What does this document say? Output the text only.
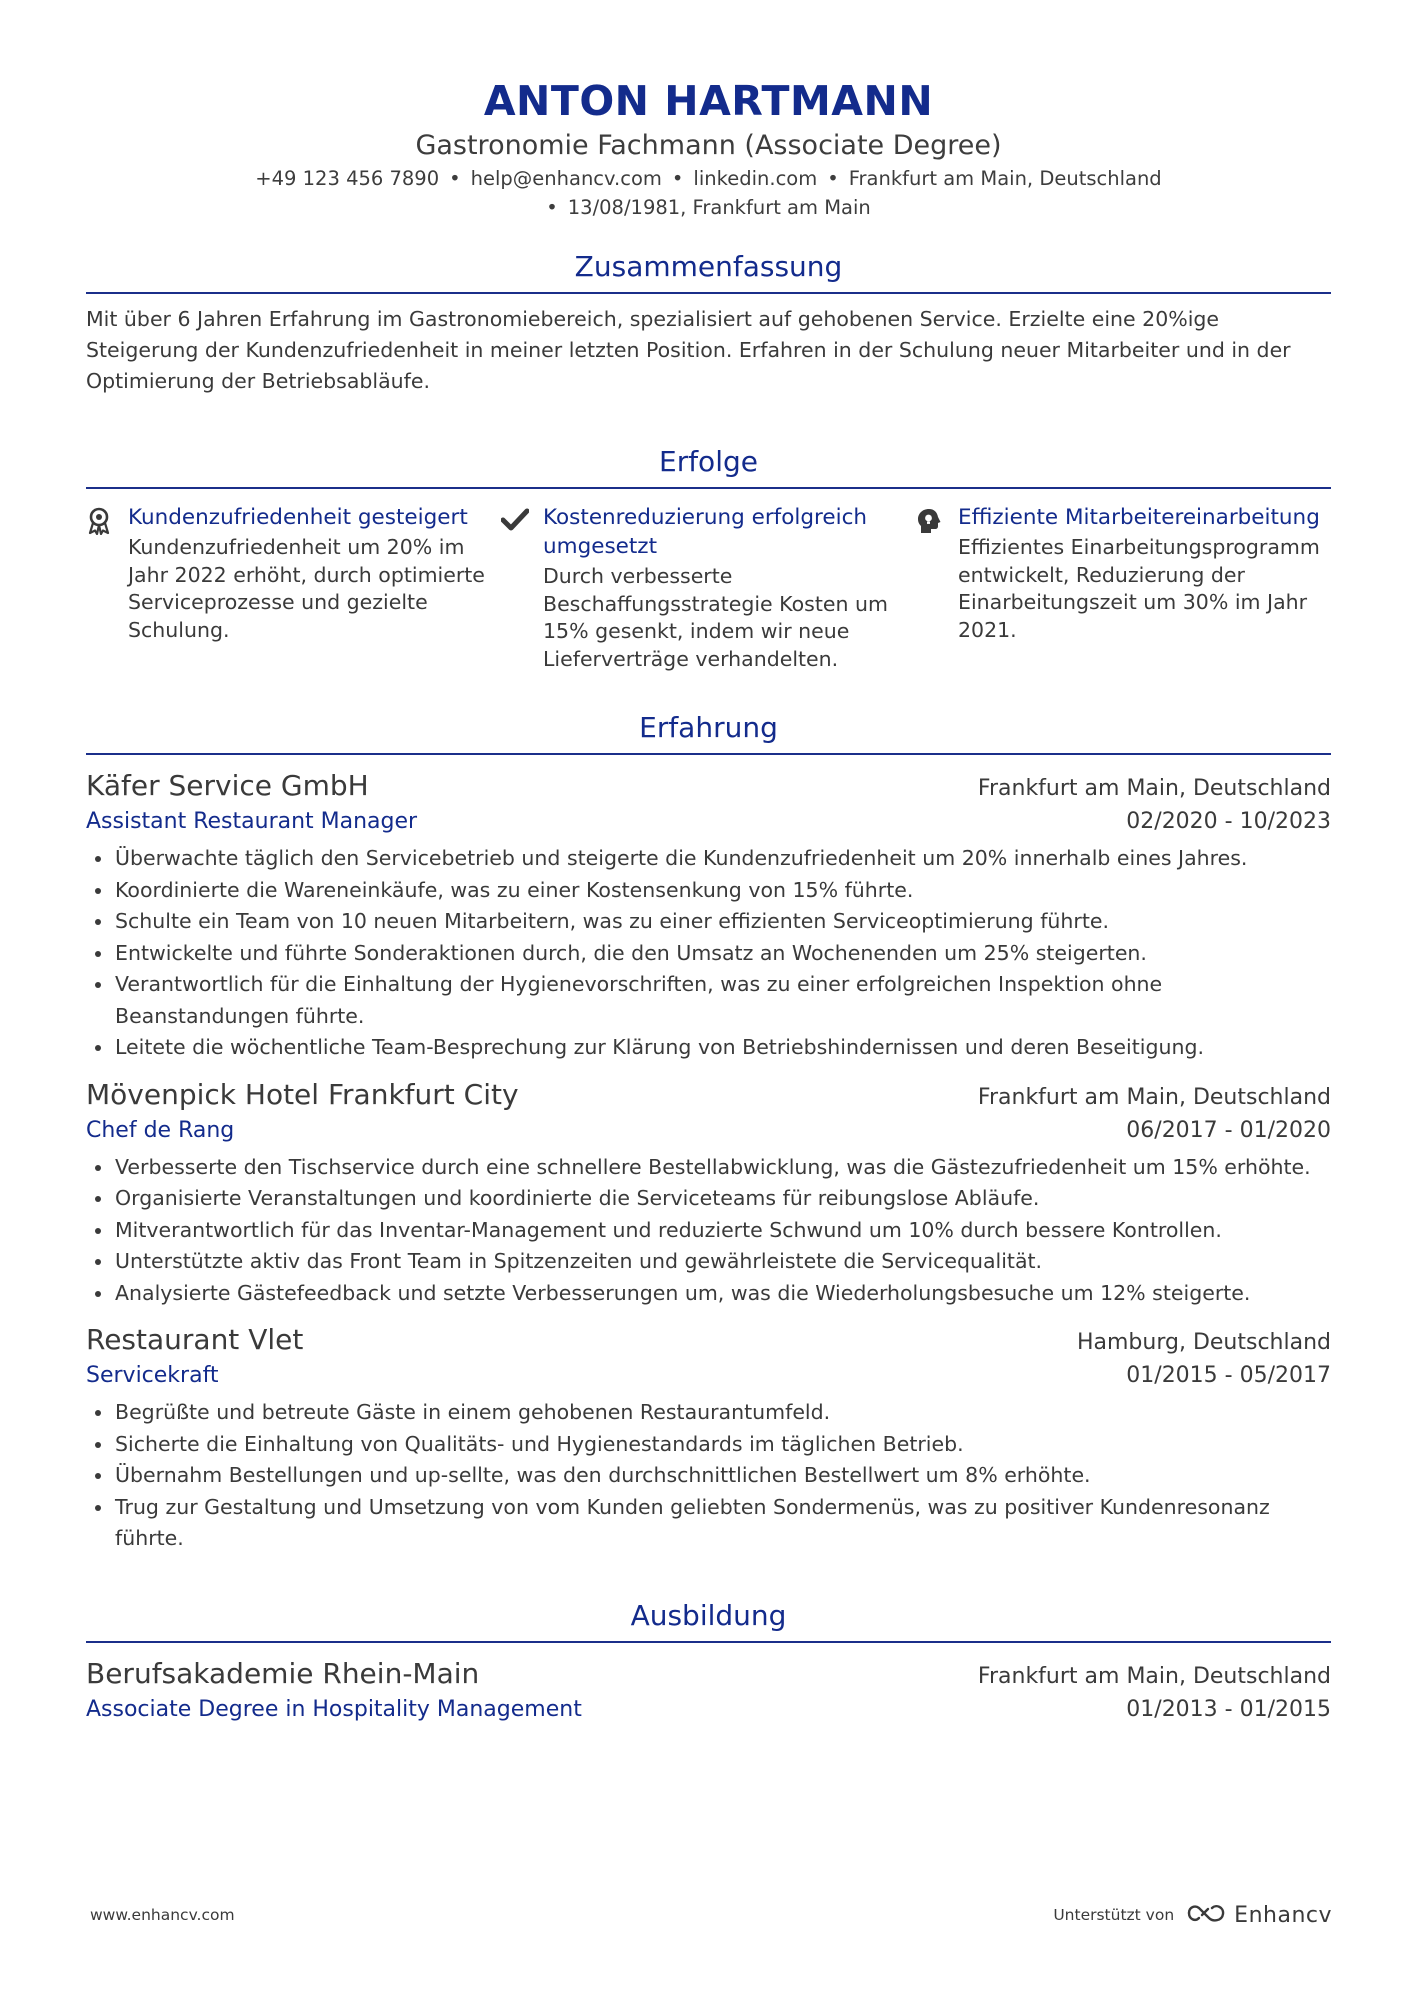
ANTON HARTMANN
Gastronomie Fachmann (Associate Degree)
+49 123 456 7890 • help@enhancv.com • linkedin.com • Frankfurt am Main, Deutschland
• 13/08/1981, Frankfurt am Main
Zusammenfassung
Mit über 6 Jahren Erfahrung im Gastronomiebereich, spezialisiert auf gehobenen Service. Erzielte eine 20%ige Steigerung der Kundenzufriedenheit in meiner letzten Position. Erfahren in der Schulung neuer Mitarbeiter und in der Optimierung der Betriebsabläufe.
Erfolge
Kundenzufriedenheit gesteigert
Kundenzufriedenheit um 20% im Jahr 2022 erhöht, durch optimierte Serviceprozesse und gezielte Schulung.
Kostenreduzierung erfolgreich umgesetzt
Durch verbesserte Beschaffungsstrategie Kosten um 15% gesenkt, indem wir neue Lieferverträge verhandelten.
Effiziente Mitarbeitereinarbeitung
Effizientes Einarbeitungsprogramm entwickelt, Reduzierung der Einarbeitungszeit um 30% im Jahr 2021.
Erfahrung
Käfer Service GmbH	Frankfurt am Main, Deutschland
Assistant Restaurant Manager	02/2020 - 10/2023
Überwachte täglich den Servicebetrieb und steigerte die Kundenzufriedenheit um 20% innerhalb eines Jahres.
Koordinierte die Wareneinkäufe, was zu einer Kostensenkung von 15% führte.
Schulte ein Team von 10 neuen Mitarbeitern, was zu einer effizienten Serviceoptimierung führte.
Entwickelte und führte Sonderaktionen durch, die den Umsatz an Wochenenden um 25% steigerten.
Verantwortlich für die Einhaltung der Hygienevorschriften, was zu einer erfolgreichen Inspektion ohne Beanstandungen führte.
Leitete die wöchentliche Team-Besprechung zur Klärung von Betriebshindernissen und deren Beseitigung.
Mövenpick Hotel Frankfurt City	Frankfurt am Main, Deutschland
Chef de Rang	06/2017 - 01/2020
Verbesserte den Tischservice durch eine schnellere Bestellabwicklung, was die Gästezufriedenheit um 15% erhöhte.
Organisierte Veranstaltungen und koordinierte die Serviceteams für reibungslose Abläufe.
Mitverantwortlich für das Inventar-Management und reduzierte Schwund um 10% durch bessere Kontrollen.
Unterstützte aktiv das Front Team in Spitzenzeiten und gewährleistete die Servicequalität.
Analysierte Gästefeedback und setzte Verbesserungen um, was die Wiederholungsbesuche um 12% steigerte.
Restaurant Vlet	Hamburg, Deutschland
Servicekraft	01/2015 - 05/2017
Begrüßte und betreute Gäste in einem gehobenen Restaurantumfeld.
Sicherte die Einhaltung von Qualitäts- und Hygienestandards im täglichen Betrieb.
Übernahm Bestellungen und up-sellte, was den durchschnittlichen Bestellwert um 8% erhöhte.
Trug zur Gestaltung und Umsetzung von vom Kunden geliebten Sondermenüs, was zu positiver Kundenresonanz führte.
Ausbildung
Berufsakademie Rhein-Main	Frankfurt am Main, Deutschland
Associate Degree in Hospitality Management	01/2013 - 01/2015
www.enhancv.com	Unterstützt von	Enhancv
